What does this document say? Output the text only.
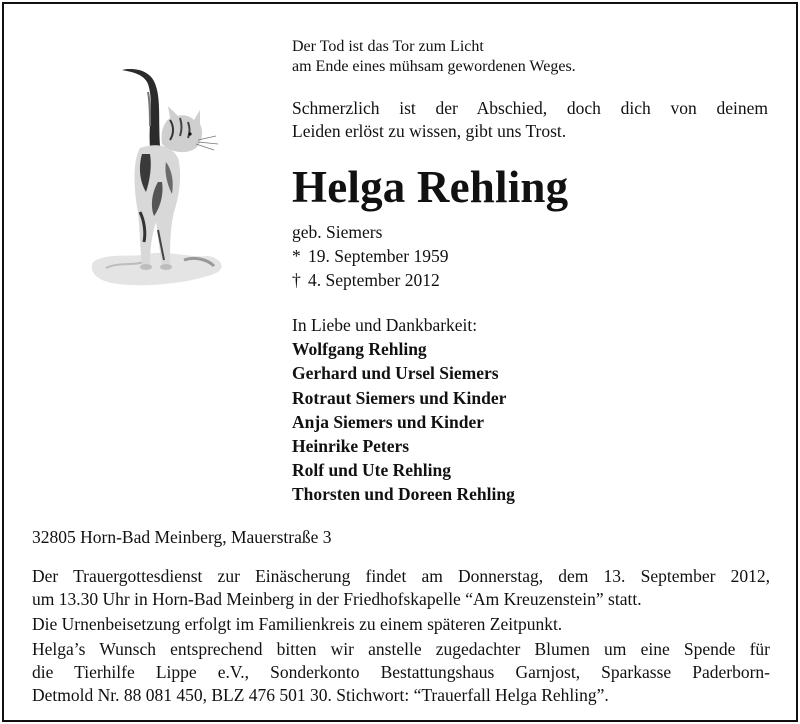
Der Tod ist das Tor zum Licht
am Ende eines mühsam gewordenen Weges.
Schmerzlich ist der Abschied, doch dich von deinem
Leiden erlöst zu wissen, gibt uns Trost.
Helga Rehling
geb. Siemers
* 19. September 1959
† 4. September 2012
In Liebe und Dankbarkeit:
Wolfgang Rehling
Gerhard und Ursel Siemers
Rotraut Siemers und Kinder
Anja Siemers und Kinder
Heinrike Peters
Rolf und Ute Rehling
Thorsten und Doreen Rehling
32805 Horn-Bad Meinberg, Mauerstraße 3

Der Trauergottesdienst zur Einäscherung findet am Donnerstag, dem 13. September 2012,

um 13.30 Uhr in Horn-Bad Meinberg in der Friedhofskapelle “Am Kreuzenstein” statt.

Die Urnenbeisetzung erfolgt im Familienkreis zu einem späteren Zeitpunkt.

Helga’s Wunsch entsprechend bitten wir anstelle zugedachter Blumen um eine Spende für

die Tierhilfe Lippe e.V., Sonderkonto Bestattungshaus Garnjost, Sparkasse Paderborn-

Detmold Nr. 88 081 450, BLZ 476 501 30. Stichwort: “Trauerfall Helga Rehling”.
